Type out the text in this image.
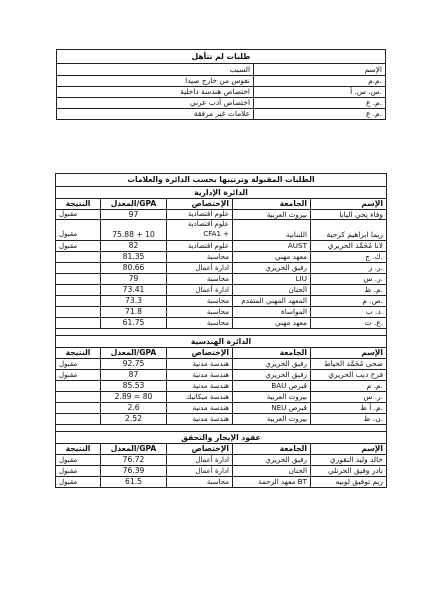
طلبات لم تتأهل	
السبب	الإسم
نفوس من خارج صيدا	م.م.
اختصاص هندسة داخلية	س. س. أ.
اختصاص أدب عربي	م. ع.
علامات غير مرفقة	م. ع.
الطلبات المقبولة وترتيبها بحسب الدائرة والعلامات				
الدائرة الإدارية				
النتيجة	المعدل/GPA	الإختصاص	الجامعة	الإسم
مقبول	97	علوم اقتصادية	بيروت العربية	وفاء يحي البابا
		علوم اقتصادية		
مقبول	75.88 + 10	CFA1 +	اللبنانية	ريما ابراهيم كرجية
مقبول	82	علوم اقتصادية	AUST	لانا مُحَمَّد الحريري
	81.35	محاسبة	معهد مهني	ك. ج.
	80.66	ادارة أعمال	رفيق الحريري	ر. ز.
	79	محاسبة	LIU	ر. س.
	73.41	ادارة أعمال	الجنان	م. ظ.
	73.3	محاسبة	المعهد المهني المتقدم	ص. م.
	71.8	محاسبة	المواساة	د. ب.
	61.75	محاسبة	معهد مهني	ع. ت.

الدائرة الهندسية				
النتيجة	المعدل/GPA	الإختصاص	الجامعة	الإسم
مقبول	92.75	هندسة مدنية	رفيق الحريري	ضحى مُحَمَّد الخياط
مقبول	87	هندسة مدنية	رفيق الحريري	فرح ديب الحريري
	85.53	هندسة مدنية	BAU قبرص	م. م.
	2.89 = 80	هندسة ميكانيك	بيروت العربية	ر. س.
	2.6	هندسة مدنية	NEU قبرص	م. أ ظ.
	2.52	هندسة مدنية	بيروت العربية	ن. ظ.

عقود الإيجار والتحقق				
النتيجة	المعدل/GPA	الإختصاص	الجامعة	الإسم
مقبول	76.72	ادارة أعمال	رفيق الحريري	خالد وليد النقوزي
مقبول	76.39	ادارة أعمال	الجنان	نادر وفيق الحرنلي
مقبول	61.5	محاسبة	معهد الرحمة BT	ريم توفيق لوبيه
